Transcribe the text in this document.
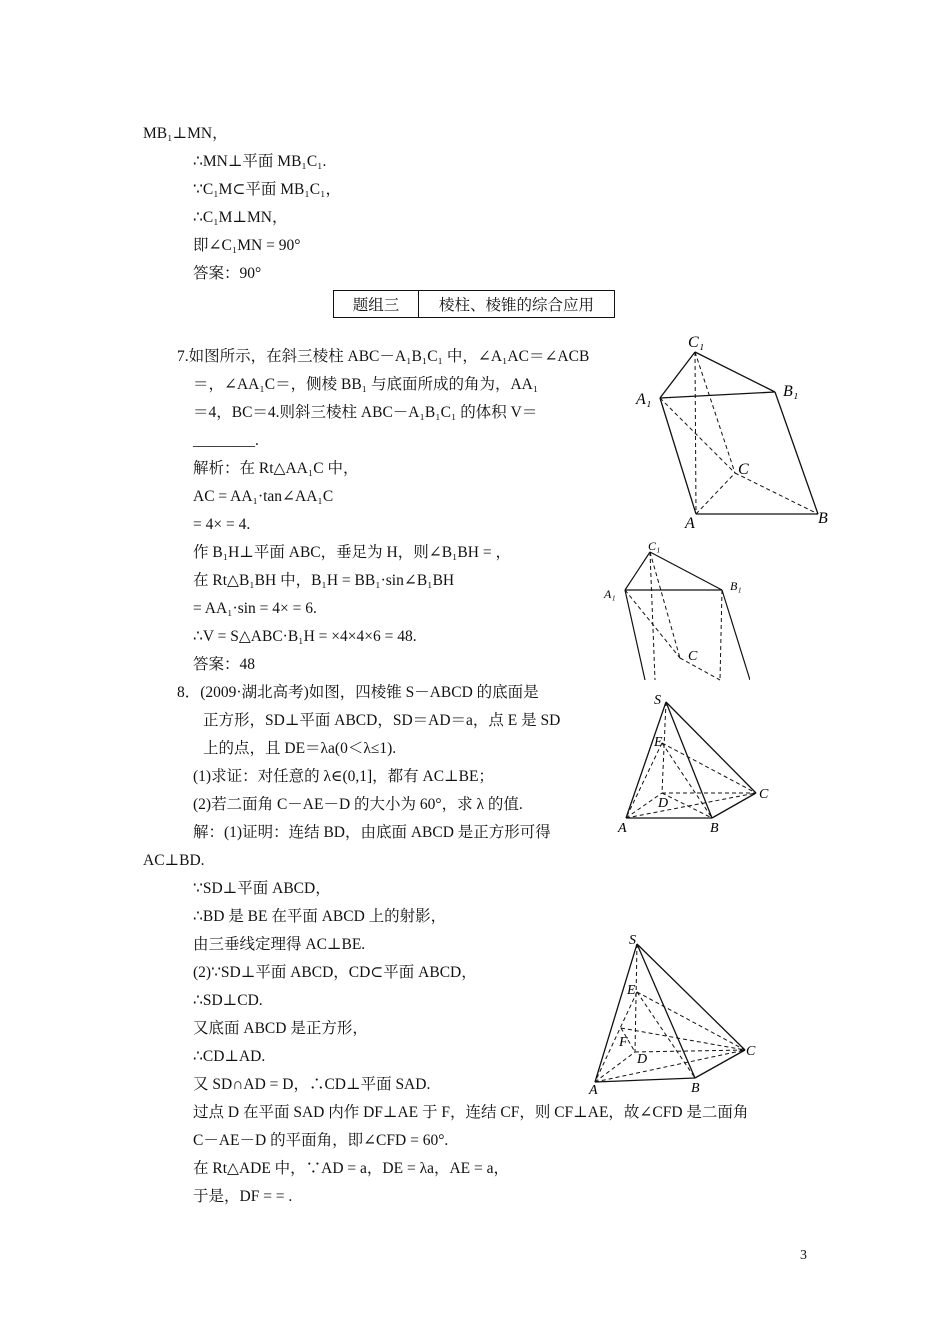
MB₁⊥MN，
∴MN⊥平面 MB₁C₁.
∵C₁M⊂平面 MB₁C₁，
∴C₁M⊥MN，
即∠C₁MN = 90°
答案：90°
题组三	棱柱、棱锥的综合应用
7.如图所示，在斜三棱柱 ABC－A₁B₁C₁ 中，∠A₁AC＝∠ACB
＝，∠AA₁C＝，侧棱 BB₁ 与底面所成的角为，AA₁
＝4，BC＝4.则斜三棱柱 ABC－A₁B₁C₁ 的体积 V＝
________.
解析：在 Rt△AA₁C 中，
AC = AA₁·tan∠AA₁C
= 4× = 4.
作 B₁H⊥平面 ABC，垂足为 H，则∠B₁BH = ，
在 Rt△B₁BH 中，B₁H = BB₁·sin∠B₁BH
= AA₁·sin = 4× = 6.
∴V = S△ABC·B₁H = ×4×4×6 = 48.
答案：48
8．(2009·湖北高考)如图，四棱锥 S－ABCD 的底面是
正方形，SD⊥平面 ABCD，SD＝AD＝a，点 E 是 SD
上的点，且 DE＝λa(0＜λ≤1).
(1)求证：对任意的 λ∈(0,1]，都有 AC⊥BE；
(2)若二面角 C－AE－D 的大小为 60°，求 λ 的值.
解：(1)证明：连结 BD，由底面 ABCD 是正方形可得
AC⊥BD.
∵SD⊥平面 ABCD，
∴BD 是 BE 在平面 ABCD 上的射影，
由三垂线定理得 AC⊥BE.
(2)∵SD⊥平面 ABCD，CD⊂平面 ABCD，
∴SD⊥CD.
又底面 ABCD 是正方形，
∴CD⊥AD.
又 SD∩AD = D，∴CD⊥平面 SAD.
过点 D 在平面 SAD 内作 DF⊥AE 于 F，连结 CF，则 CF⊥AE，故∠CFD 是二面角
C－AE－D 的平面角，即∠CFD = 60°.
在 Rt△ADE 中，∵AD = a，DE = λa，AE = a，
于是，DF = = .
C₁
A₁	B₁
C
A	B
C₁
A₁
B₁
C
S
E
D
A	B
C
S
E
F
D
A	B
C
3
